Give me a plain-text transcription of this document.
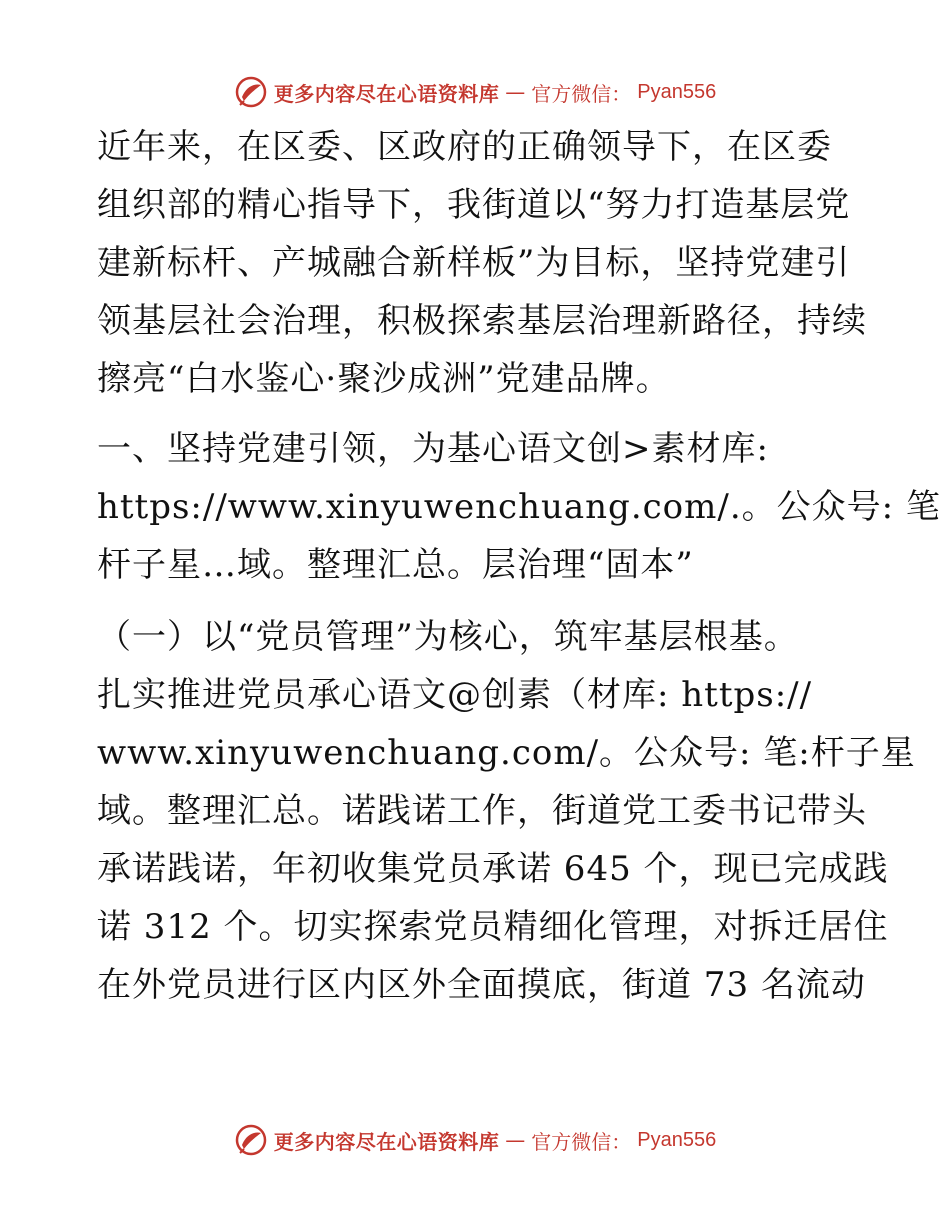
更多内容尽在心语资料库 — 官方微信： Pyan556
近年来，在区委、区政府的正确领导下，在区委
组织部的精心指导下，我街道以“努力打造基层党
建新标杆、产城融合新样板”为目标，坚持党建引
领基层社会治理，积极探索基层治理新路径，持续
擦亮“白水鉴心·聚沙成洲”党建品牌。
一、坚持党建引领，为基心语文创>素材库:
https://www.xinyuwenchuang.com/.。公众号: 笔
杆子星…域。整理汇总。层治理“固本”
（一）以“党员管理”为核心，筑牢基层根基。
扎实推进党员承心语文@创素（材库: https://
www.xinyuwenchuang.com/。公众号: 笔:杆子星
域。整理汇总。诺践诺工作，街道党工委书记带头
承诺践诺，年初收集党员承诺 645 个，现已完成践
诺 312 个。切实探索党员精细化管理，对拆迁居住
在外党员进行区内区外全面摸底，街道 73 名流动
更多内容尽在心语资料库 — 官方微信： Pyan556
